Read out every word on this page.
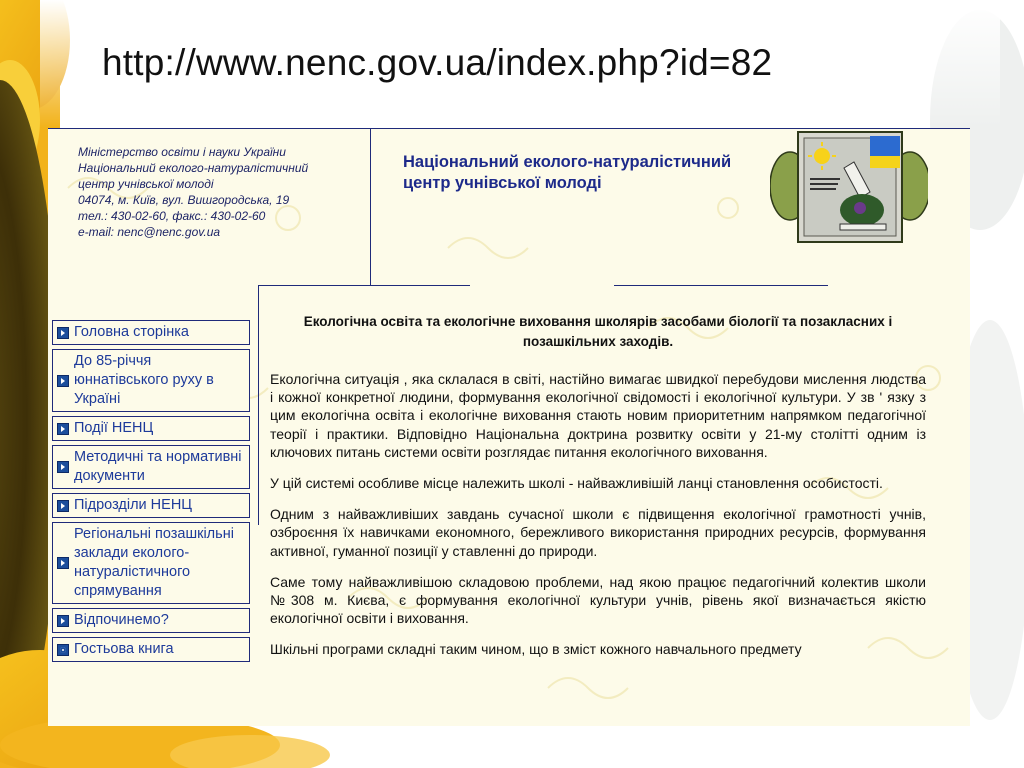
http://www.nenc.gov.ua/index.php?id=82
Міністерство освіти і науки України
Національний еколого-натуралістичний
центр учнівської молоді
04074, м. Київ, вул. Вишгородська, 19
тел.: 430-02-60, факс.: 430-02-60
e-mail: nenc@nenc.gov.ua
Національний еколого-натуралістичний центр учнівської молоді
Головна сторінка
До 85-річчя юннатівського руху в Україні
Події НЕНЦ
Методичні та нормативні документи
Підрозділи НЕНЦ
Регіональні позашкільні заклади еколого-натуралістичного спрямування
Відпочинемо?
Гостьова книга
Екологічна освіта та екологічне виховання школярів засобами біології та позакласних і позашкільних заходів.

Екологічна ситуація , яка склалася в світі, настійно вимагає швидкої перебудови мислення людства і кожної конкретної людини, формування екологічної свідомості і екологічної культури. У зв ' язку з цим екологічна освіта і екологічне виховання стають новим приоритетним напрямком педагогічної теорії і практики. Відповідно Національна доктрина розвитку освіти у 21-му столітті одним із ключових питань системи освіти розглядає питання екологічного виховання.

У цій системі особливе місце належить школі - найважливішій ланці становлення особистості.

Одним з найважливіших завдань сучасної школи є підвищення екологічної грамотності учнів, озброєння їх навичками економного, бережливого використання природних ресурсів, формування активної, гуманної позиції у ставленні до природи.

Саме тому найважливішою складовою проблеми, над якою працює педагогічний колектив школи №308 м. Києва, є формування екологічної культури учнів, рівень якої визначається якістю екологічної освіти і виховання.

Шкільні програми складні таким чином, що в зміст кожного навчального предмету
